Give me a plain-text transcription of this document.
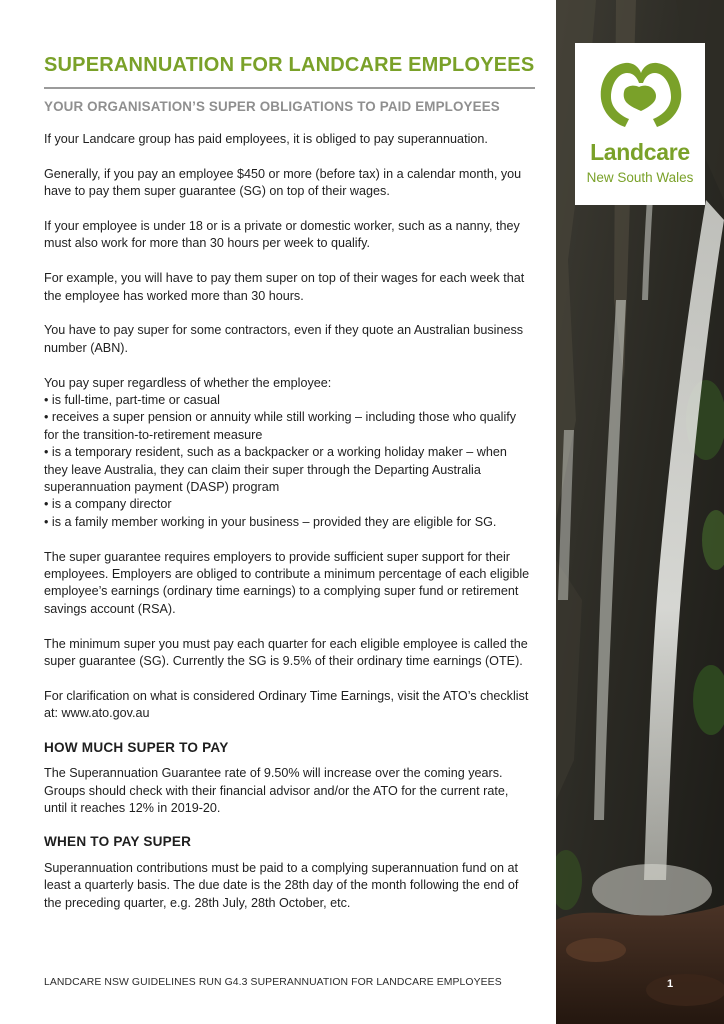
SUPERANNUATION FOR LANDCARE EMPLOYEES
YOUR ORGANISATION’S SUPER OBLIGATIONS TO PAID EMPLOYEES

If your Landcare group has paid employees, it is obliged to pay superannuation.

Generally, if you pay an employee $450 or more (before tax) in a calendar month, you have to pay them super guarantee (SG) on top of their wages.

If your employee is under 18 or is a private or domestic worker, such as a nanny, they must also work for more than 30 hours per week to qualify.

For example, you will have to pay them super on top of their wages for each week that the employee has worked more than 30 hours.

You have to pay super for some contractors, even if they quote an Australian business number (ABN).

You pay super regardless of whether the employee:

• is full-time, part-time or casual
• receives a super pension or annuity while still working – including those who qualify for the transition-to-retirement measure
• is a temporary resident, such as a backpacker or a working holiday maker – when they leave Australia, they can claim their super through the Departing Australia superannuation payment (DASP) program
• is a company director
• is a family member working in your business – provided they are eligible for SG.

The super guarantee requires employers to provide sufficient super support for their employees. Employers are obliged to contribute a minimum percentage of each eligible employee’s earnings (ordinary time earnings) to a complying super fund or retirement savings account (RSA).

The minimum super you must pay each quarter for each eligible employee is called the super guarantee (SG). Currently the SG is 9.5% of their ordinary time earnings (OTE).

For clarification on what is considered Ordinary Time Earnings, visit the ATO’s checklist at: www.ato.gov.au

HOW MUCH SUPER TO PAY

The Superannuation Guarantee rate of 9.50% will increase over the coming years. Groups should check with their financial advisor and/or the ATO for the current rate, until it reaches 12% in 2019-20.

WHEN TO PAY SUPER

Superannuation contributions must be paid to a complying superannuation fund on at least a quarterly basis. The due date is the 28th day of the month following the end of the preceding quarter, e.g. 28th July, 28th October, etc.

LANDCARE NSW GUIDELINES RUN G4.3 SUPERANNUATION FOR LANDCARE EMPLOYEES
Landcare
New South Wales
1
